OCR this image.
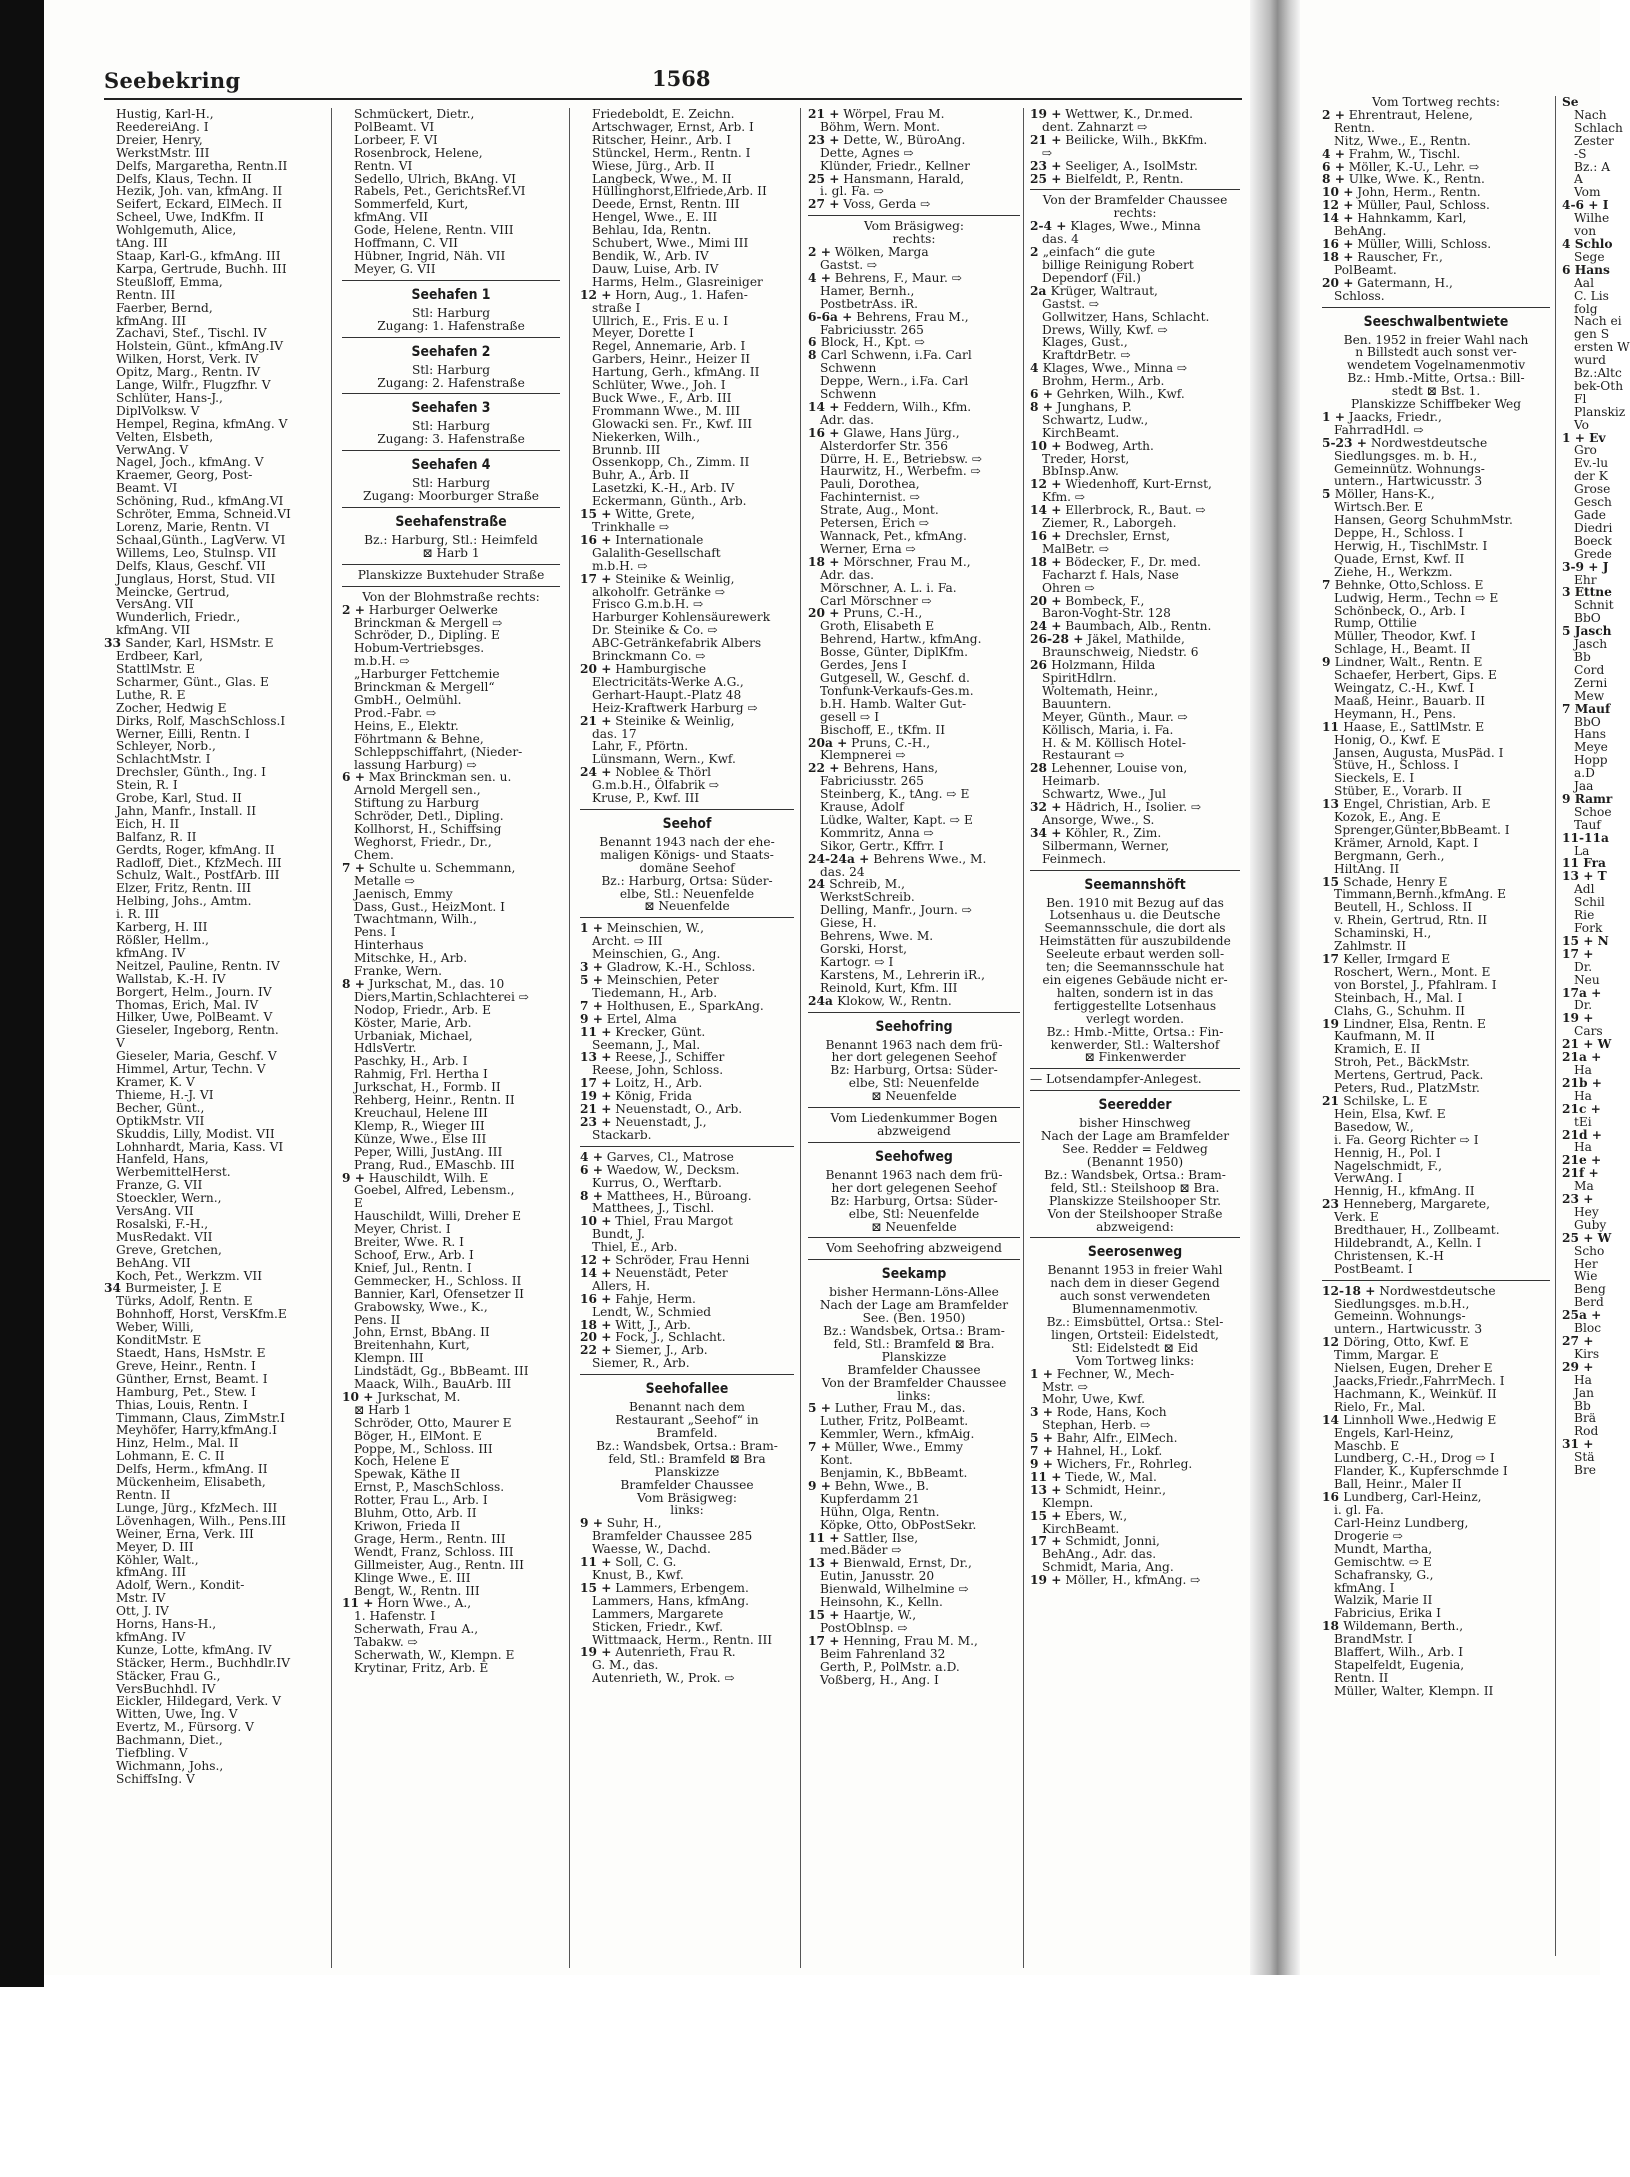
Seebekring	1568
Hustig, Karl-H.,
ReedereiAng. I
Dreier, Henry,
WerkstMstr. III
Delfs, Margaretha, Rentn.II
Delfs, Klaus, Techn. II
Hezik, Joh. van, kfmAng. II
Seifert, Eckard, ElMech. II
Scheel, Uwe, IndKfm. II
Wohlgemuth, Alice,
tAng. III
Staap, Karl-G., kfmAng. III
Karpa, Gertrude, Buchh. III
Steußloff, Emma,
Rentn. III
Faerber, Bernd,
kfmAng. III
Zachavi, Stef., Tischl. IV
Holstein, Günt., kfmAng.IV
Wilken, Horst, Verk. IV
Opitz, Marg., Rentn. IV
Lange, Wilfr., Flugzfhr. V
Schlüter, Hans-J.,
DiplVolksw. V
Hempel, Regina, kfmAng. V
Velten, Elsbeth,
VerwAng. V
Nagel, Joch., kfmAng. V
Kraemer, Georg, Post-
Beamt. VI
Schöning, Rud., kfmAng.VI
Schröter, Emma, Schneid.VI
Lorenz, Marie, Rentn. VI
Schaal,Günth., LagVerw. VI
Willems, Leo, Stulnsp. VII
Delfs, Klaus, Geschf. VII
Junglaus, Horst, Stud. VII
Meincke, Gertrud,
VersAng. VII
Wunderlich, Friedr.,
kfmAng. VII
33 Sander, Karl, HSMstr. E
Erdbeer, Karl,
StattlMstr. E
Scharmer, Günt., Glas. E
Luthe, R. E
Zocher, Hedwig E
Dirks, Rolf, MaschSchloss.I
Werner, Eilli, Rentn. I
Schleyer, Norb.,
SchlachtMstr. I
Drechsler, Günth., Ing. I
Stein, R. I
Grobe, Karl, Stud. II
Jahn, Manfr., Install. II
Eich, H. II
Balfanz, R. II
Gerdts, Roger, kfmAng. II
Radloff, Diet., KfzMech. III
Schulz, Walt., PostfArb. III
Elzer, Fritz, Rentn. III
Helbing, Johs., Amtm.
i. R. III
Karberg, H. III
Rößler, Hellm.,
kfmAng. IV
Neitzel, Pauline, Rentn. IV
Wallstab, K.-H. IV
Borgert, Helm., Journ. IV
Thomas, Erich, Mal. IV
Hilker, Uwe, PolBeamt. V
Gieseler, Ingeborg, Rentn.
V
Gieseler, Maria, Geschf. V
Himmel, Artur, Techn. V
Kramer, K. V
Thieme, H.-J. VI
Becher, Günt.,
OptikMstr. VII
Skuddis, Lilly, Modist. VII
Lohnhardt, Maria, Kass. VI
Hanfeld, Hans,
WerbemittelHerst.
Franze, G. VII
Stoeckler, Wern.,
VersAng. VII
Rosalski, F.-H.,
MusRedakt. VII
Greve, Gretchen,
BehAng. VII
Koch, Pet., Werkzm. VII
34 Burmeister, J. E
Türks, Adolf, Rentn. E
Bohnhoff, Horst, VersKfm.E
Weber, Willi,
KonditMstr. E
Staedt, Hans, HsMstr. E
Greve, Heinr., Rentn. I
Günther, Ernst, Beamt. I
Hamburg, Pet., Stew. I
Thias, Louis, Rentn. I
Timmann, Claus, ZimMstr.I
Meyhöfer, Harry,kfmAng.I
Hinz, Helm., Mal. II
Lohmann, E. C. II
Delfs, Herm., kfmAng. II
Mückenheim, Elisabeth,
Rentn. II
Lunge, Jürg., KfzMech. III
Lövenhagen, Wilh., Pens.III
Weiner, Erna, Verk. III
Meyer, D. III
Köhler, Walt.,
kfmAng. III
Adolf, Wern., Kondit-
Mstr. IV
Ott, J. IV
Horns, Hans-H.,
kfmAng. IV
Kunze, Lotte, kfmAng. IV
Stäcker, Herm., Buchhdlr.IV
Stäcker, Frau G.,
VersBuchhdl. IV
Eickler, Hildegard, Verk. V
Witten, Uwe, Ing. V
Evertz, M., Fürsorg. V
Bachmann, Diet.,
Tiefbling. V
Wichmann, Johs.,
SchiffsIng. V
Schmückert, Dietr.,
PolBeamt. VI
Lorbeer, F. VI
Rosenbrock, Helene,
Rentn. VI
Sedello, Ulrich, BkAng. VI
Rabels, Pet., GerichtsRef.VI
Sommerfeld, Kurt,
kfmAng. VII
Gode, Helene, Rentn. VIII
Hoffmann, C. VII
Hübner, Ingrid, Näh. VII
Meyer, G. VII
Seehafen 1
Stl: Harburg
Zugang: 1. Hafenstraße
Seehafen 2
Stl: Harburg
Zugang: 2. Hafenstraße
Seehafen 3
Stl: Harburg
Zugang: 3. Hafenstraße
Seehafen 4
Stl: Harburg
Zugang: Moorburger Straße
Seehafenstraße
Bz.: Harburg, Stl.: Heimfeld
⊠ Harb 1
Planskizze Buxtehuder Straße
Von der Blohmstraße rechts:
2 + Harburger Oelwerke
Brinckman & Mergell ⇨
Schröder, D., Dipling. E
Hobum-Vertriebsges.
m.b.H. ⇨
„Harburger Fettchemie
Brinckman & Mergell“
GmbH., Oelmühl.
Prod.-Fabr. ⇨
Heins, E., Elektr.
Föhrtmann & Behne,
Schleppschiffahrt, (Nieder-
lassung Harburg) ⇨
6 + Max Brinckman sen. u.
Arnold Mergell sen.,
Stiftung zu Harburg
Schröder, Detl., Dipling.
Kollhorst, H., Schiffsing
Weghorst, Friedr., Dr.,
Chem.
7 + Schulte u. Schemmann,
Metalle ⇨
Jaenisch, Emmy
Dass, Gust., HeizMont. I
Twachtmann, Wilh.,
Pens. I
Hinterhaus
Mitschke, H., Arb.
Franke, Wern.
8 + Jurkschat, M., das. 10
Diers,Martin,Schlachterei ⇨
Nodop, Friedr., Arb. E
Köster, Marie, Arb.
Urbaniak, Michael,
HdlsVertr.
Paschky, H., Arb. I
Rahmig, Frl. Hertha I
Jurkschat, H., Formb. II
Rehberg, Heinr., Rentn. II
Kreuchaul, Helene III
Klemp, R., Wieger III
Künze, Wwe., Else III
Peper, Willi, JustAng. III
Prang, Rud., EMaschb. III
9 + Hauschildt, Wilh. E
Goebel, Alfred, Lebensm.,
E
Hauschildt, Willi, Dreher E
Meyer, Christ. I
Breiter, Wwe. R. I
Schoof, Erw., Arb. I
Knief, Jul., Rentn. I
Gemmecker, H., Schloss. II
Bannier, Karl, Ofensetzer II
Grabowsky, Wwe., K.,
Pens. II
John, Ernst, BbAng. II
Breitenhahn, Kurt,
Klempn. III
Lindstädt, Gg., BbBeamt. III
Maack, Wilh., BauArb. III
10 + Jurkschat, M.
⊠ Harb 1
Schröder, Otto, Maurer E
Böger, H., ElMont. E
Poppe, M., Schloss. III
Koch, Helene E
Spewak, Käthe II
Ernst, P., MaschSchloss.
Rotter, Frau L., Arb. I
Bluhm, Otto, Arb. II
Kriwon, Frieda II
Grage, Herm., Rentn. III
Wendt, Franz, Schloss. III
Gillmeister, Aug., Rentn. III
Klinge Wwe., E. III
Bengt, W., Rentn. III
11 + Horn Wwe., A.,
1. Hafenstr. I
Scherwath, Frau A.,
Tabakw. ⇨
Scherwath, W., Klempn. E
Krytinar, Fritz, Arb. E
Friedeboldt, E. Zeichn.
Artschwager, Ernst, Arb. I
Ritscher, Heinr., Arb. I
Stünckel, Herm., Rentn. I
Wiese, Jürg., Arb. II
Langbeck, Wwe., M. II
Hüllinghorst,Elfriede,Arb. II
Deede, Ernst, Rentn. III
Hengel, Wwe., E. III
Behlau, Ida, Rentn.
Schubert, Wwe., Mimi III
Bendik, W., Arb. IV
Dauw, Luise, Arb. IV
Harms, Helm., Glasreiniger
12 + Horn, Aug., 1. Hafen-
straße I
Ullrich, E., Fris. E u. I
Meyer, Dorette I
Regel, Annemarie, Arb. I
Garbers, Heinr., Heizer II
Hartung, Gerh., kfmAng. II
Schlüter, Wwe., Joh. I
Buck Wwe., F., Arb. III
Frommann Wwe., M. III
Glowacki sen. Fr., Kwf. III
Niekerken, Wilh.,
Brunnb. III
Ossenkopp, Ch., Zimm. II
Buhr, A., Arb. II
Lasetzki, K.-H., Arb. IV
Eckermann, Günth., Arb.
15 + Witte, Grete,
Trinkhalle ⇨
16 + Internationale
Galalith-Gesellschaft
m.b.H. ⇨
17 + Steinike & Weinlig,
alkoholfr. Getränke ⇨
Frisco G.m.b.H. ⇨
Harburger Kohlensäurewerk
Dr. Steinike & Co. ⇨
ABC-Getränkefabrik Albers
Brinckmann Co. ⇨
20 + Hamburgische
Electricitäts-Werke A.G.,
Gerhart-Haupt.-Platz 48
Heiz-Kraftwerk Harburg ⇨
21 + Steinike & Weinlig,
das. 17
Lahr, F., Pförtn.
Lünsmann, Wern., Kwf.
24 + Noblee & Thörl
G.m.b.H., Ölfabrik ⇨
Kruse, P., Kwf. III
Seehof
Benannt 1943 nach der ehe-
maligen Königs- und Staats-
domäne Seehof
Bz.: Harburg, Ortsa: Süder-
elbe, Stl.: Neuenfelde
⊠ Neuenfelde
1 + Meinschien, W.,
Archt. ⇨ III
Meinschien, G., Ang.
3 + Gladrow, K.-H., Schloss.
5 + Meinschien, Peter
Tiedemann, H., Arb.
7 + Holthusen, E., SparkAng.
9 + Ertel, Alma
11 + Krecker, Günt.
Seemann, J., Mal.
13 + Reese, J., Schiffer
Reese, John, Schloss.
17 + Loitz, H., Arb.
19 + König, Frida
21 + Neuenstadt, O., Arb.
23 + Neuenstadt, J.,
Stackarb.
4 + Garves, Cl., Matrose
6 + Waedow, W., Decksm.
Kurrus, O., Werftarb.
8 + Matthees, H., Büroang.
Matthees, J., Tischl.
10 + Thiel, Frau Margot
Bundt, J.
Thiel, E., Arb.
12 + Schröder, Frau Henni
14 + Neuenstädt, Peter
Allers, H.
16 + Fahje, Herm.
Lendt, W., Schmied
18 + Witt, J., Arb.
20 + Fock, J., Schlacht.
22 + Siemer, J., Arb.
Siemer, R., Arb.
Seehofallee
Benannt nach dem
Restaurant „Seehof“ in
Bramfeld.
Bz.: Wandsbek, Ortsa.: Bram-
feld, Stl.: Bramfeld ⊠ Bra
Planskizze
Bramfelder Chaussee
Vom Bräsigweg:
links:
9 + Suhr, H.,
Bramfelder Chaussee 285
Waesse, W., Dachd.
11 + Soll, C. G.
Knust, B., Kwf.
15 + Lammers, Erbengem.
Lammers, Hans, kfmAng.
Lammers, Margarete
Sticken, Friedr., Kwf.
Wittmaack, Herm., Rentn. III
19 + Autenrieth, Frau R.
G. M., das.
Autenrieth, W., Prok. ⇨
21 + Wörpel, Frau M.
Böhm, Wern. Mont.
23 + Dette, W., BüroAng.
Dette, Agnes ⇨
Klünder, Friedr., Kellner
25 + Hansmann, Harald,
i. gl. Fa. ⇨
27 + Voss, Gerda ⇨
Vom Bräsigweg:
rechts:
2 + Wölken, Marga
Gastst. ⇨
4 + Behrens, F., Maur. ⇨
Hamer, Bernh.,
PostbetrAss. iR.
6-6a + Behrens, Frau M.,
Fabriciusstr. 265
6 Block, H., Kpt. ⇨
8 Carl Schwenn, i.Fa. Carl
Schwenn
Deppe, Wern., i.Fa. Carl
Schwenn
14 + Feddern, Wilh., Kfm.
Adr. das.
16 + Glawe, Hans Jürg.,
Alsterdorfer Str. 356
Dürre, H. E., Betriebsw. ⇨
Haurwitz, H., Werbefm. ⇨
Pauli, Dorothea,
Fachinternist. ⇨
Strate, Aug., Mont.
Petersen, Erich ⇨
Wannack, Pet., kfmAng.
Werner, Erna ⇨
18 + Mörschner, Frau M.,
Adr. das.
Mörschner, A. L. i. Fa.
Carl Mörschner ⇨
20 + Pruns, C.-H.,
Groth, Elisabeth E
Behrend, Hartw., kfmAng.
Bosse, Günter, DiplKfm.
Gerdes, Jens I
Gutgesell, W., Geschf. d.
Tonfunk-Verkaufs-Ges.m.
b.H. Hamb. Walter Gut-
gesell ⇨ I
Bischoff, E., tKfm. II
20a + Pruns, C.-H.,
Klempnerei ⇨
22 + Behrens, Hans,
Fabriciusstr. 265
Steinberg, K., tAng. ⇨ E
Krause, Adolf
Lüdke, Walter, Kapt. ⇨ E
Kommritz, Anna ⇨
Sikor, Gertr., Kffrr. I
24-24a + Behrens Wwe., M.
das. 24
24 Schreib, M.,
WerkstSchreib.
Delling, Manfr., Journ. ⇨
Giese, H.
Behrens, Wwe. M.
Gorski, Horst,
Kartogr. ⇨ I
Karstens, M., Lehrerin iR.,
Reinold, Kurt, Kfm. III
24a Klokow, W., Rentn.
Seehofring
Benannt 1963 nach dem frü-
her dort gelegenen Seehof
Bz: Harburg, Ortsa: Süder-
elbe, Stl: Neuenfelde
⊠ Neuenfelde
Vom Liedenkummer Bogen
abzweigend
Seehofweg
Benannt 1963 nach dem frü-
her dort gelegenen Seehof
Bz: Harburg, Ortsa: Süder-
elbe, Stl: Neuenfelde
⊠ Neuenfelde
Vom Seehofring abzweigend
Seekamp
bisher Hermann-Löns-Allee
Nach der Lage am Bramfelder
See. (Ben. 1950)
Bz.: Wandsbek, Ortsa.: Bram-
feld, Stl.: Bramfeld ⊠ Bra.
Planskizze
Bramfelder Chaussee
Von der Bramfelder Chaussee
links:
5 + Luther, Frau M., das.
Luther, Fritz, PolBeamt.
Kemmler, Wern., kfmAig.
7 + Müller, Wwe., Emmy
Kont.
Benjamin, K., BbBeamt.
9 + Behn, Wwe., B.
Kupferdamm 21
Hühn, Olga, Rentn.
Köpke, Otto, ObPostSekr.
11 + Sattler, Ilse,
med.Bäder ⇨
13 + Bienwald, Ernst, Dr.,
Eutin, Janusstr. 20
Bienwald, Wilhelmine ⇨
Heinsohn, K., Kelln.
15 + Haartje, W.,
PostOblnsp. ⇨
17 + Henning, Frau M. M.,
Beim Fahrenland 32
Gerth, P., PolMstr. a.D.
Voßberg, H., Ang. I
19 + Wettwer, K., Dr.med.
dent. Zahnarzt ⇨
21 + Beilicke, Wilh., BkKfm.
⇨
23 + Seeliger, A., IsolMstr.
25 + Bielfeldt, P., Rentn.
Von der Bramfelder Chaussee
rechts:
2-4 + Klages, Wwe., Minna
das. 4
2 „einfach“ die gute
billige Reinigung Robert
Dependorf (Fil.)
2a Krüger, Waltraut,
Gastst. ⇨
Gollwitzer, Hans, Schlacht.
Drews, Willy, Kwf. ⇨
Klages, Gust.,
KraftdrBetr. ⇨
4 Klages, Wwe., Minna ⇨
Brohm, Herm., Arb.
6 + Gehrken, Wilh., Kwf.
8 + Junghans, P.
Schwartz, Ludw.,
KirchBeamt.
10 + Bodweg, Arth.
Treder, Horst,
BbInsp.Anw.
12 + Wiedenhoff, Kurt-Ernst,
Kfm. ⇨
14 + Ellerbrock, R., Baut. ⇨
Ziemer, R., Laborgeh.
16 + Drechsler, Ernst,
MalBetr. ⇨
18 + Bödecker, F., Dr. med.
Facharzt f. Hals, Nase
Ohren ⇨
20 + Bombeck, F.,
Baron-Voght-Str. 128
24 + Baumbach, Alb., Rentn.
26-28 + Jäkel, Mathilde,
Braunschweig, Niedstr. 6
26 Holzmann, Hilda
SpiritHdlrn.
Woltemath, Heinr.,
Bauuntern.
Meyer, Günth., Maur. ⇨
Köllisch, Maria, i. Fa.
H. & M. Köllisch Hotel-
Restaurant ⇨
28 Lehenner, Louise von,
Heimarb.
Schwartz, Wwe., Jul
32 + Hädrich, H., Isolier. ⇨
Ansorge, Wwe., S.
34 + Köhler, R., Zim.
Silbermann, Werner,
Feinmech.
Seemannshöft
Ben. 1910 mit Bezug auf das
Lotsenhaus u. die Deutsche
Seemannsschule, die dort als
Heimstätten für auszubildende
Seeleute erbaut werden soll-
ten; die Seemannsschule hat
ein eigenes Gebäude nicht er-
halten, sondern ist in das
fertiggestellte Lotsenhaus
verlegt worden.
Bz.: Hmb.-Mitte, Ortsa.: Fin-
kenwerder, Stl.: Waltershof
⊠ Finkenwerder
— Lotsendampfer-Anlegest.
Seeredder
bisher Hinschweg
Nach der Lage am Bramfelder
See. Redder = Feldweg
(Benannt 1950)
Bz.: Wandsbek, Ortsa.: Bram-
feld, Stl.: Steilshoop ⊠ Bra.
Planskizze Steilshooper Str.
Von der Steilshooper Straße
abzweigend:
Seerosenweg
Benannt 1953 in freier Wahl
nach dem in dieser Gegend
auch sonst verwendeten
Blumennamenmotiv.
Bz.: Eimsbüttel, Ortsa.: Stel-
lingen, Ortsteil: Eidelstedt,
Stl: Eidelstedt ⊠ Eid
Vom Tortweg links:
1 + Fechner, W., Mech-
Mstr. ⇨
Mohr, Uwe, Kwf.
3 + Rode, Hans, Koch
Stephan, Herb. ⇨
5 + Bahr, Alfr., ElMech.
7 + Hahnel, H., Lokf.
9 + Wichers, Fr., Rohrleg.
11 + Tiede, W., Mal.
13 + Schmidt, Heinr.,
Klempn.
15 + Ebers, W.,
KirchBeamt.
17 + Schmidt, Jonni,
BehAng., Adr. das.
Schmidt, Maria, Ang.
19 + Möller, H., kfmAng. ⇨
Vom Tortweg rechts:
2 + Ehrentraut, Helene,
Rentn.
Nitz, Wwe., E., Rentn.
4 + Frahm, W., Tischl.
6 + Möller, K.-U., Lehr. ⇨
8 + Ulke, Wwe. K., Rentn.
10 + John, Herm., Rentn.
12 + Müller, Paul, Schloss.
14 + Hahnkamm, Karl,
BehAng.
16 + Müller, Willi, Schloss.
18 + Rauscher, Fr.,
PolBeamt.
20 + Gatermann, H.,
Schloss.
Seeschwalbentwiete
Ben. 1952 in freier Wahl nach
n Billstedt auch sonst ver-
wendetem Vogelnamenmotiv
Bz.: Hmb.-Mitte, Ortsa.: Bill-
stedt ⊠ Bst. 1.
Planskizze Schiffbeker Weg
1 + Jaacks, Friedr.,
FahrradHdl. ⇨
5-23 + Nordwestdeutsche
Siedlungsges. m. b. H.,
Gemeinnütz. Wohnungs-
untern., Hartwicusstr. 3
5 Möller, Hans-K.,
Wirtsch.Ber. E
Hansen, Georg SchuhmMstr.
Deppe, H., Schloss. I
Herwig, H., TischlMstr. I
Quade, Ernst, Kwf. II
Ziehe, H., Werkzm.
7 Behnke, Otto,Schloss. E
Ludwig, Herm., Techn ⇨ E
Schönbeck, O., Arb. I
Rump, Ottilie
Müller, Theodor, Kwf. I
Schlage, H., Beamt. II
9 Lindner, Walt., Rentn. E
Schaefer, Herbert, Gips. E
Weingatz, C.-H., Kwf. I
Maaß, Heinr., Bauarb. II
Heymann, H., Pens.
11 Haase, E., SattlMstr. E
Honig, O., Kwf. E
Jansen, Augusta, MusPäd. I
Stüve, H., Schloss. I
Sieckels, E. I
Stüber, E., Vorarb. II
13 Engel, Christian, Arb. E
Kozok, E., Ang. E
Sprenger,Günter,BbBeamt. I
Krämer, Arnold, Kapt. I
Bergmann, Gerh.,
HiltAng. II
15 Schade, Henry E
Timmann,Bernh.,kfmAng. E
Beutell, H., Schloss. II
v. Rhein, Gertrud, Rtn. II
Schaminski, H.,
Zahlmstr. II
17 Keller, Irmgard E
Roschert, Wern., Mont. E
von Borstel, J., Pfahlram. I
Steinbach, H., Mal. I
Clahs, G., Schuhm. II
19 Lindner, Elsa, Rentn. E
Kaufmann, M. II
Kramich, E. II
Stroh, Pet., BäckMstr.
Mertens, Gertrud, Pack.
Peters, Rud., PlatzMstr.
21 Schilske, L. E
Hein, Elsa, Kwf. E
Basedow, W.,
i. Fa. Georg Richter ⇨ I
Hennig, H., Pol. I
Nagelschmidt, F.,
VerwAng. I
Hennig, H., kfmAng. II
23 Henneberg, Margarete,
Verk. E
Bredthauer, H., Zollbeamt.
Hildebrandt, A., Kelln. I
Christensen, K.-H
PostBeamt. I
12-18 + Nordwestdeutsche
Siedlungsges. m.b.H.,
Gemeinn. Wohnungs-
untern., Hartwicusstr. 3
12 Döring, Otto, Kwf. E
Timm, Margar. E
Nielsen, Eugen, Dreher E
Jaacks,Friedr.,FahrrMech. I
Hachmann, K., Weinküf. II
Rielo, Fr., Mal.
14 Linnholl Wwe.,Hedwig E
Engels, Karl-Heinz,
Maschb. E
Lundberg, C.-H., Drog ⇨ I
Flander, K., Kupferschmde I
Ball, Heinr., Maler II
16 Lundberg, Carl-Heinz,
i. gl. Fa.
Carl-Heinz Lundberg,
Drogerie ⇨
Mundt, Martha,
Gemischtw. ⇨ E
Schafransky, G.,
kfmAng. I
Walzik, Marie II
Fabricius, Erika I
18 Wildemann, Berth.,
BrandMstr. I
Blaffert, Wilh., Arb. I
Stapelfeldt, Eugenia,
Rentn. II
Müller, Walter, Klempn. II
Se
Nach
Schlach
Zester
-S
Bz.: A
A
Vom
4-6 + I
Wilhe
von
4 Schlo
Sege
6 Hans
Aal
C. Lis
folg
Nach ei
gen S
ersten W
wurd
Bz.:Altc
bek-Oth
Fl
Planskiz
Vo
1 + Ev
Gro
Ev.-lu
der K
Grose
Gesch
Gade
Diedri
Boeck
Grede
3-9 + J
Ehr
3 Ettne
Schnit
BbO
5 Jasch
Jasch
Bb
Cord
Zerni
Mew
7 Mauf
BbO
Hans
Meye
Hopp
a.D
Jaa
9 Ramr
Schoe
Tauf
11-11a
La
11 Fra
13 + T
Adl
Schil
Rie
Fork
15 + N
17 +
Dr.
Neu
17a +
Dr.
19 +
Cars
21 + W
21a +
Ha
21b +
Ha
21c +
tEi
21d +
Ha
21e +
21f +
Ma
23 +
Hey
Guby
25 + W
Scho
Her
Wie
Beng
Berd
25a +
Bloc
27 +
Kirs
29 +
Ha
Jan
Bb
Brä
Rod
31 +
Stä
Bre
